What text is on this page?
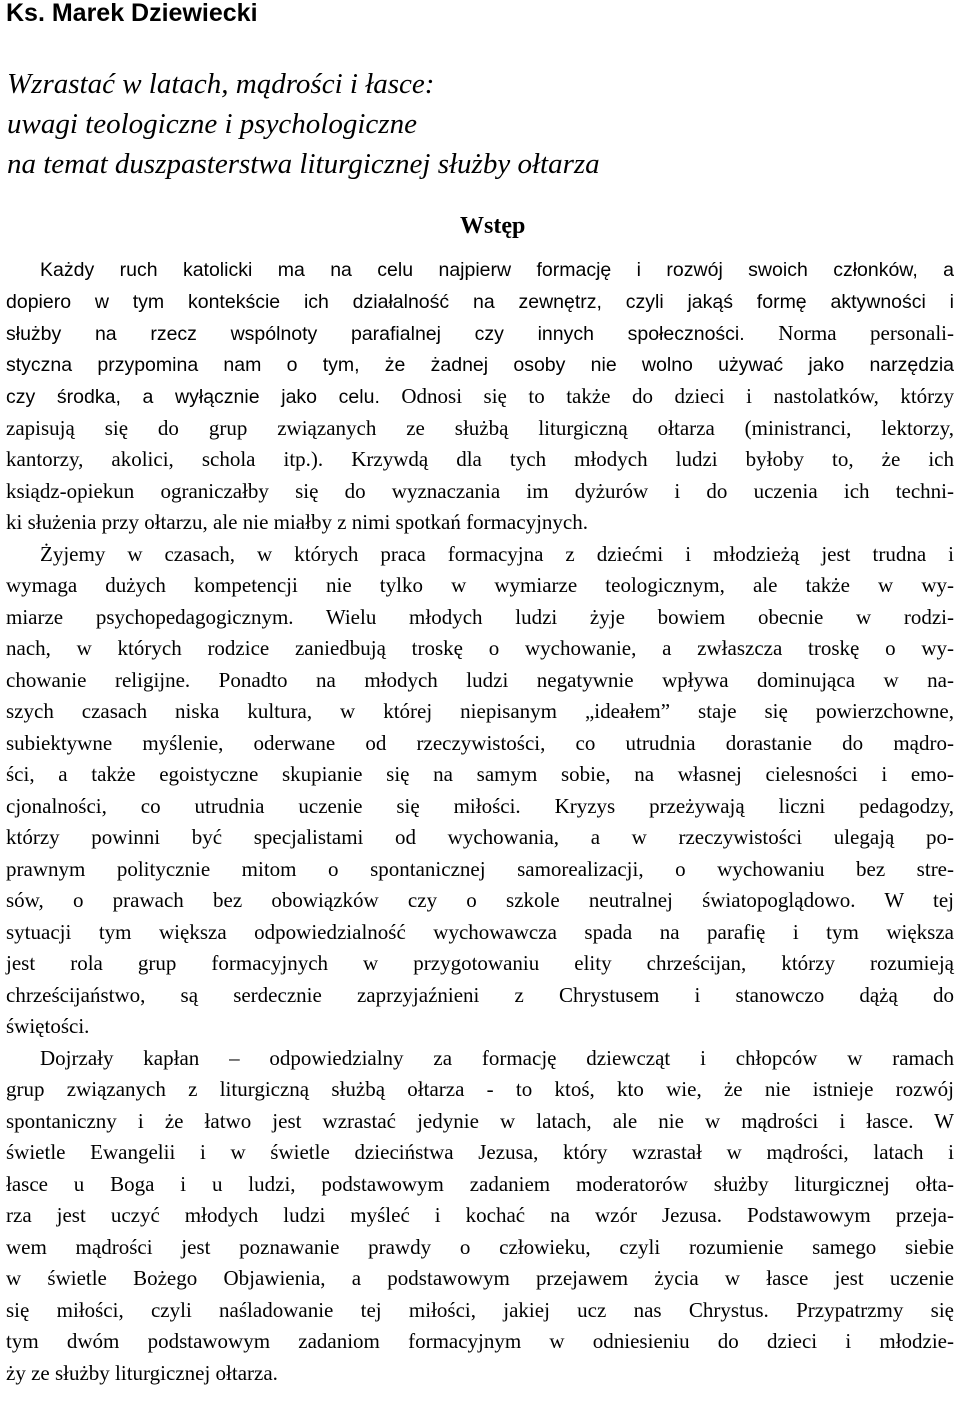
Ks. Marek Dziewiecki
Wzrastać w latach, mądrości i łasce:
uwagi teologiczne i psychologiczne
na temat duszpasterstwa liturgicznej służby ołtarza
Wstęp
Każdy ruch katolicki ma na celu najpierw formację i rozwój swoich członków, a
dopiero w tym kontekście ich działalność na zewnętrz, czyli jakąś formę aktywności i
służby na rzecz wspólnoty parafialnej czy innych społeczności. Norma personali-
styczna przypomina nam o tym, że żadnej osoby nie wolno używać jako narzędzia
czy środka, a wyłącznie jako celu. Odnosi się to także do dzieci i nastolatków, którzy
zapisują się do grup związanych ze służbą liturgiczną ołtarza (ministranci, lektorzy,
kantorzy, akolici, schola itp.). Krzywdą dla tych młodych ludzi byłoby to, że ich
ksiądz-opiekun ograniczałby się do wyznaczania im dyżurów i do uczenia ich techni-
ki służenia przy ołtarzu, ale nie miałby z nimi spotkań formacyjnych.
Żyjemy w czasach, w których praca formacyjna z dziećmi i młodzieżą jest trudna i
wymaga dużych kompetencji nie tylko w wymiarze teologicznym, ale także w wy-
miarze psychopedagogicznym. Wielu młodych ludzi żyje bowiem obecnie w rodzi-
nach, w których rodzice zaniedbują troskę o wychowanie, a zwłaszcza troskę o wy-
chowanie religijne. Ponadto na młodych ludzi negatywnie wpływa dominująca w na-
szych czasach niska kultura, w której niepisanym „ideałem” staje się powierzchowne,
subiektywne myślenie, oderwane od rzeczywistości, co utrudnia dorastanie do mądro-
ści, a także egoistyczne skupianie się na samym sobie, na własnej cielesności i emo-
cjonalności, co utrudnia uczenie się miłości. Kryzys przeżywają liczni pedagodzy,
którzy powinni być specjalistami od wychowania, a w rzeczywistości ulegają po-
prawnym politycznie mitom o spontanicznej samorealizacji, o wychowaniu bez stre-
sów, o prawach bez obowiązków czy o szkole neutralnej światopoglądowo. W tej
sytuacji tym większa odpowiedzialność wychowawcza spada na parafię i tym większa
jest rola grup formacyjnych w przygotowaniu elity chrześcijan, którzy rozumieją
chrześcijaństwo, są serdecznie zaprzyjaźnieni z Chrystusem i stanowczo dążą do
świętości.
Dojrzały kapłan – odpowiedzialny za formację dziewcząt i chłopców w ramach
grup związanych z liturgiczną służbą ołtarza - to ktoś, kto wie, że nie istnieje rozwój
spontaniczny i że łatwo jest wzrastać jedynie w latach, ale nie w mądrości i łasce. W
świetle Ewangelii i w świetle dzieciństwa Jezusa, który wzrastał w mądrości, latach i
łasce u Boga i u ludzi, podstawowym zadaniem moderatorów służby liturgicznej ołta-
rza jest uczyć młodych ludzi myśleć i kochać na wzór Jezusa. Podstawowym przeja-
wem mądrości jest poznawanie prawdy o człowieku, czyli rozumienie samego siebie
w świetle Bożego Objawienia, a podstawowym przejawem życia w łasce jest uczenie
się miłości, czyli naśladowanie tej miłości, jakiej ucz nas Chrystus. Przypatrzmy się
tym dwóm podstawowym zadaniom formacyjnym w odniesieniu do dzieci i młodzie-
ży ze służby liturgicznej ołtarza.
